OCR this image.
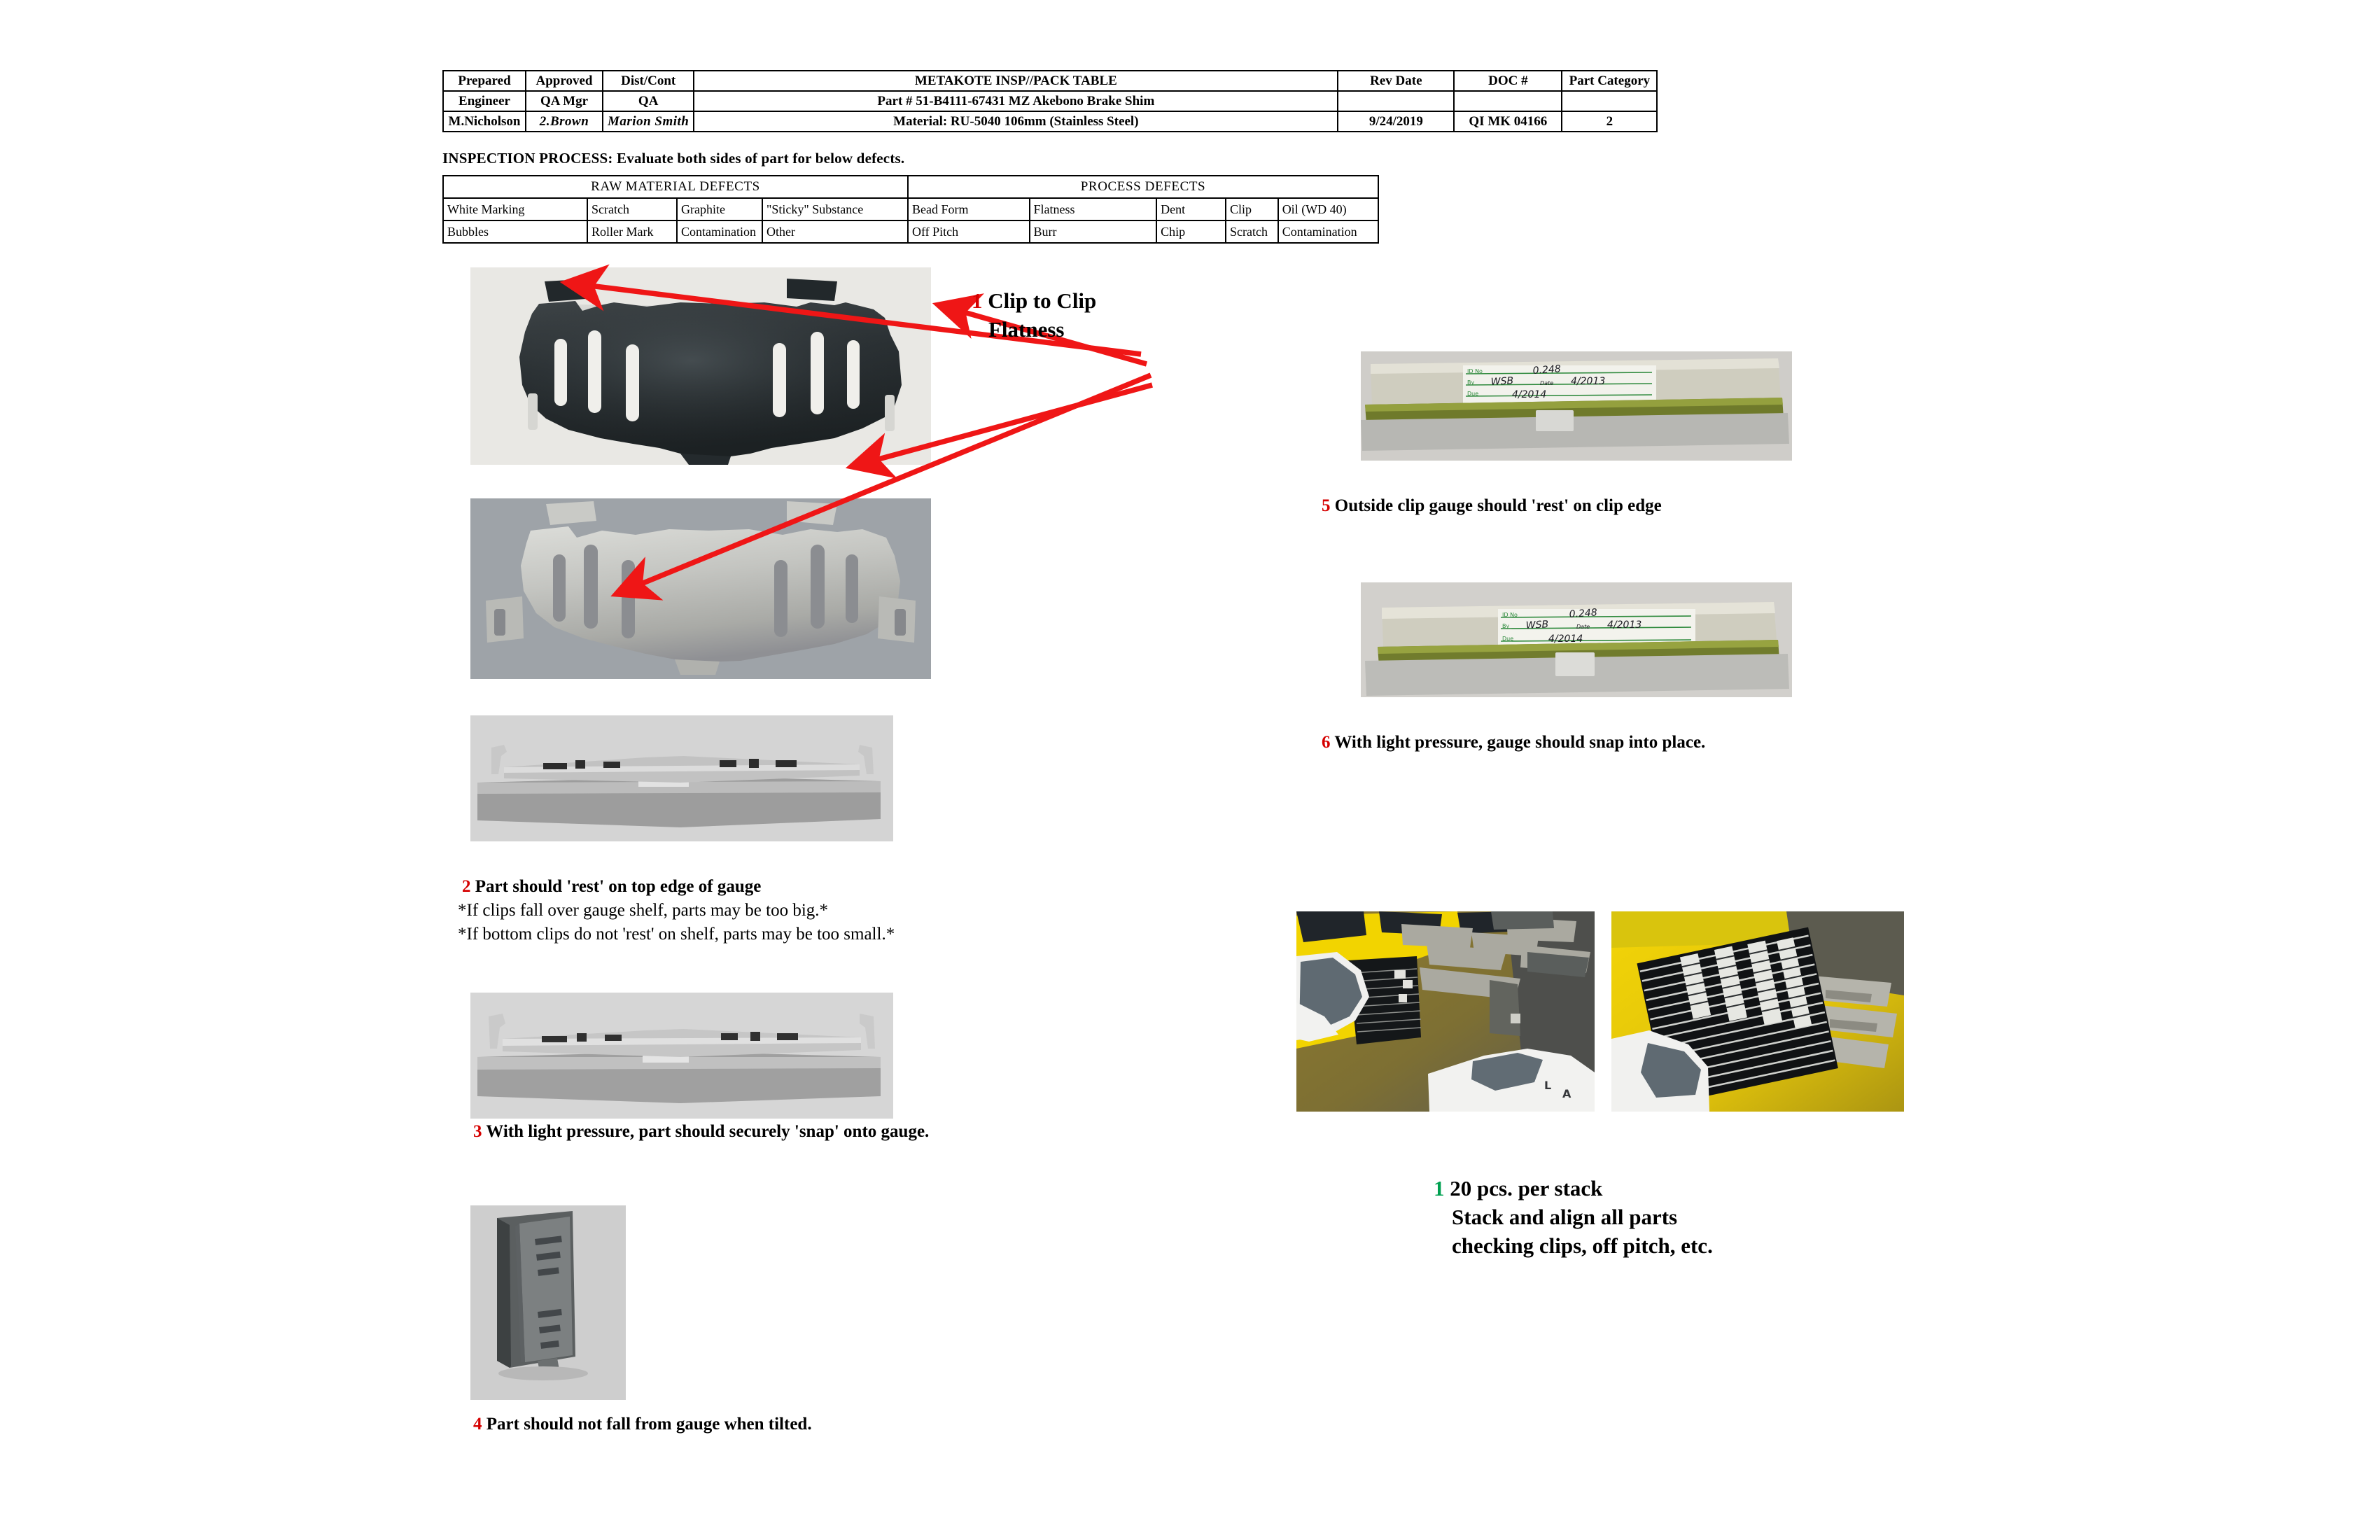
Prepared	Approved	Dist/Cont	METAKOTE INSP//PACK TABLE	Rev Date	DOC #	Part Category
Engineer	QA Mgr	QA	Part # 51-B4111-67431 MZ Akebono Brake Shim			
M.Nicholson	2.Brown	Marion Smith	Material: RU-5040 106mm (Stainless Steel)	9/24/2019	QI MK 04166	2
INSPECTION PROCESS: Evaluate both sides of part for below defects.
RAW MATERIAL DEFECTS				PROCESS DEFECTS				
White Marking	Scratch	Graphite	"Sticky" Substance	Bead Form	Flatness	Dent	Clip	Oil (WD 40)
Bubbles	Roller Mark	Contamination	Other	Off Pitch	Burr	Chip	Scratch	Contamination
1 Clip to Clip
Flatness
2 Part should 'rest' on top edge of gauge
*If clips fall over gauge shelf, parts may be too big.*
*If bottom clips do not 'rest' on shelf, parts may be too small.*
3 With light pressure, part should securely 'snap' onto gauge.
4 Part should not fall from gauge when tilted.
ID No
By
Due
0.248
WSB	4/2013
4/2014
Date
5 Outside clip gauge should 'rest' on clip edge
ID No
By
Due
0.248
WSB	4/2013
4/2014
Date
6 With light pressure, gauge should snap into place.
A
L
1 20 pcs. per stack
Stack and align all parts
checking clips, off pitch, etc.
